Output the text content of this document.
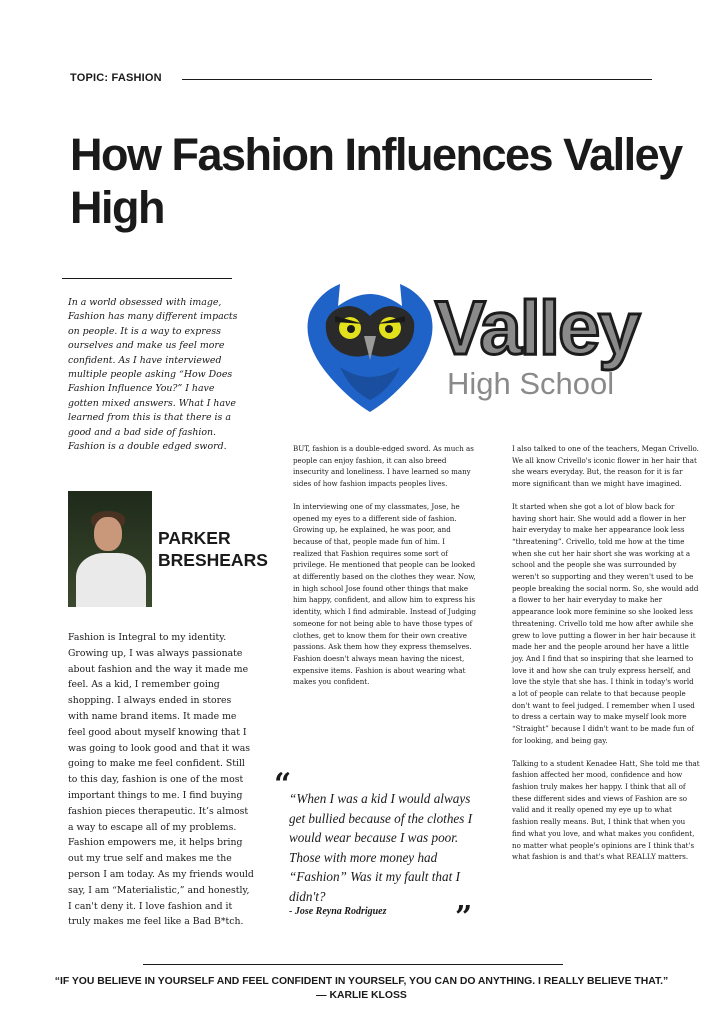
TOPIC: FASHION
How Fashion Influences Valley High
In a world obsessed with image, Fashion has many different impacts on people. It is a way to express ourselves and make us feel more confident. As I have interviewed multiple people asking “How Does Fashion Influence You?” I have gotten mixed answers. What I have learned from this is that there is a good and a bad side of fashion. Fashion is a double edged sword.
Valley
High School
PARKER BRESHEARS
Fashion is Integral to my identity. Growing up, I was always passionate about fashion and the way it made me feel. As a kid, I remember going shopping. I always ended in stores with name brand items. It made me feel good about myself knowing that I was going to look good and that it was going to make me feel confident. Still to this day, fashion is one of the most important things to me. I find buying fashion pieces therapeutic. It’s almost a way to escape all of my problems. Fashion empowers me, it helps bring out my true self and makes me the person I am today. As my friends would say, I am “Materialistic,” and honestly, I can't deny it. I love fashion and it truly makes me feel like a Bad B*tch.

BUT, fashion is a double-edged sword. As much as people can enjoy fashion, it can also breed insecurity and loneliness. I have learned so many sides of how fashion impacts peoples lives.

In interviewing one of my classmates, Jose, he opened my eyes to a different side of fashion. Growing up, he explained, he was poor, and because of that, people made fun of him. I realized that Fashion requires some sort of privilege. He mentioned that people can be looked at differently based on the clothes they wear. Now, in high school Jose found other things that make him happy, confident, and allow him to express his identity, which I find admirable. Instead of Judging someone for not being able to have those types of clothes, get to know them for their own creative passions. Ask them how they express themselves. Fashion doesn't always mean having the nicest, expensive items. Fashion is about wearing what makes you confident.

I also talked to one of the teachers, Megan Crivello. We all know Crivello's iconic flower in her hair that she wears everyday. But, the reason for it is far more significant than we might have imagined.

It started when she got a lot of blow back for having short hair. She would add a flower in her hair everyday to make her appearance look less “threatening”. Crivello, told me how at the time when she cut her hair short she was working at a school and the people she was surrounded by weren't so supporting and they weren't used to be people breaking the social norm. So, she would add a flower to her hair everyday to make her appearance look more feminine so she looked less threatening. Crivello told me how after awhile she grew to love putting a flower in her hair because it made her and the people around her have a little joy. And I find that so inspiring that she learned to love it and how she can truly express herself, and love the style that she has. I think in today's world a lot of people can relate to that because people don't want to feel judged. I remember when I used to dress a certain way to make myself look more “Straight” because I didn't want to be made fun of for looking, and being gay.

Talking to a student Kenadee Hatt, She told me that fashion affected her mood, confidence and how fashion truly makes her happy. I think that all of these different sides and views of Fashion are so valid and it really opened my eye up to what fashion really means. But, I think that when you find what you love, and what makes you confident, no matter what people's opinions are I think that's what fashion is and that's what REALLY matters.

“
“When I was a kid I would always get bullied because of the clothes I would wear because I was poor. Those with more money had “Fashion” Was it my fault that I didn't?
- Jose Reyna Rodriguez ”
“IF YOU BELIEVE IN YOURSELF AND FEEL CONFIDENT IN YOURSELF, YOU CAN DO ANYTHING. I REALLY BELIEVE THAT.”
— KARLIE KLOSS
